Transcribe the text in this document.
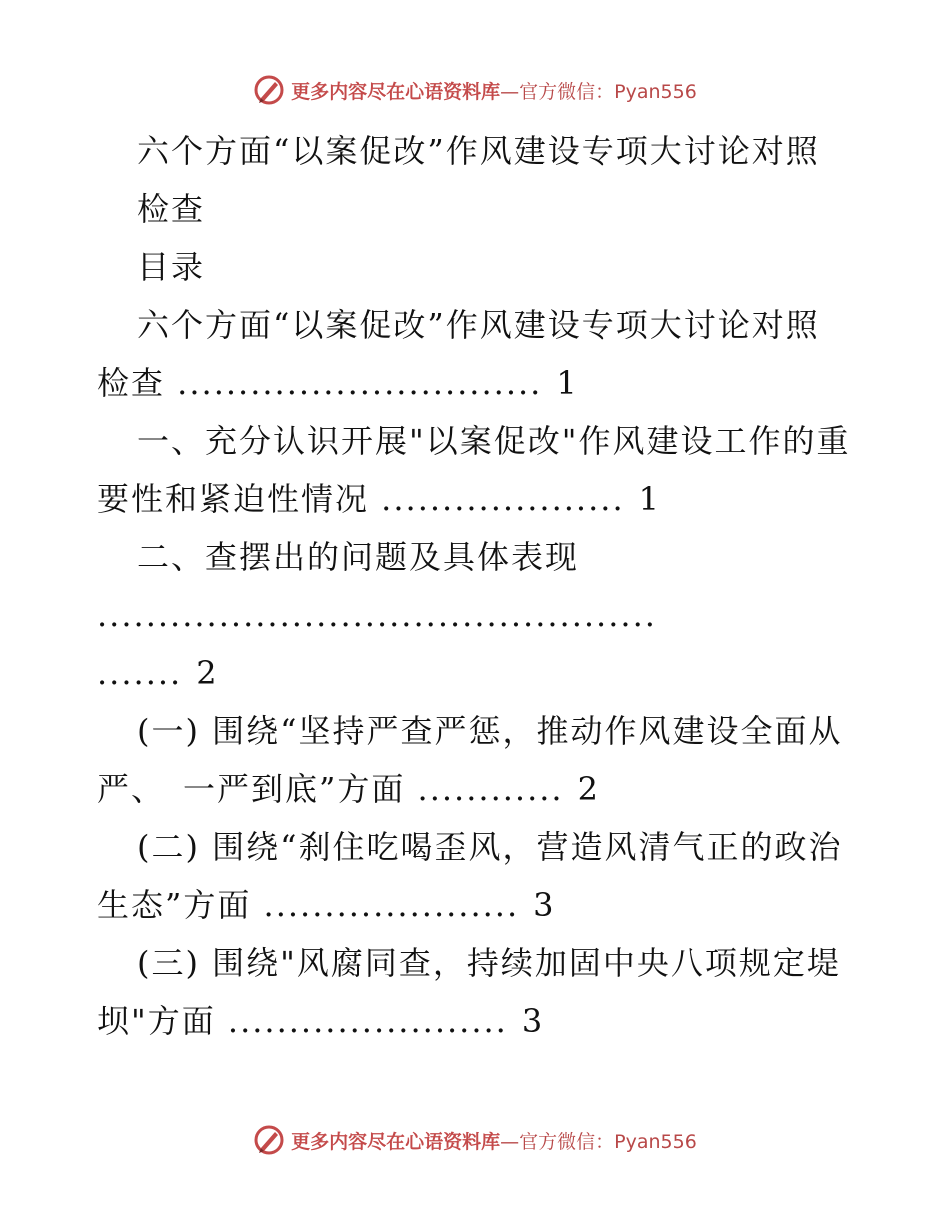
更多内容尽在心语资料库—官方微信：Pyan556
六个方面“以案促改”作风建设专项大讨论对照
检查
目录
六个方面“以案促改”作风建设专项大讨论对照
检查 .............................. 1
一、充分认识开展"以案促改"作风建设工作的重
要性和紧迫性情况 .................... 1
二、查摆出的问题及具体表现
..............................................
....... 2
(一) 围绕“坚持严查严惩，推动作风建设全面从
严、　一严到底”方面 ............ 2
(二) 围绕“刹住吃喝歪风，营造风清气正的政治
生态”方面 ..................... 3
(三) 围绕"风腐同查，持续加固中央八项规定堤
坝"方面 ....................... 3
更多内容尽在心语资料库—官方微信：Pyan556
